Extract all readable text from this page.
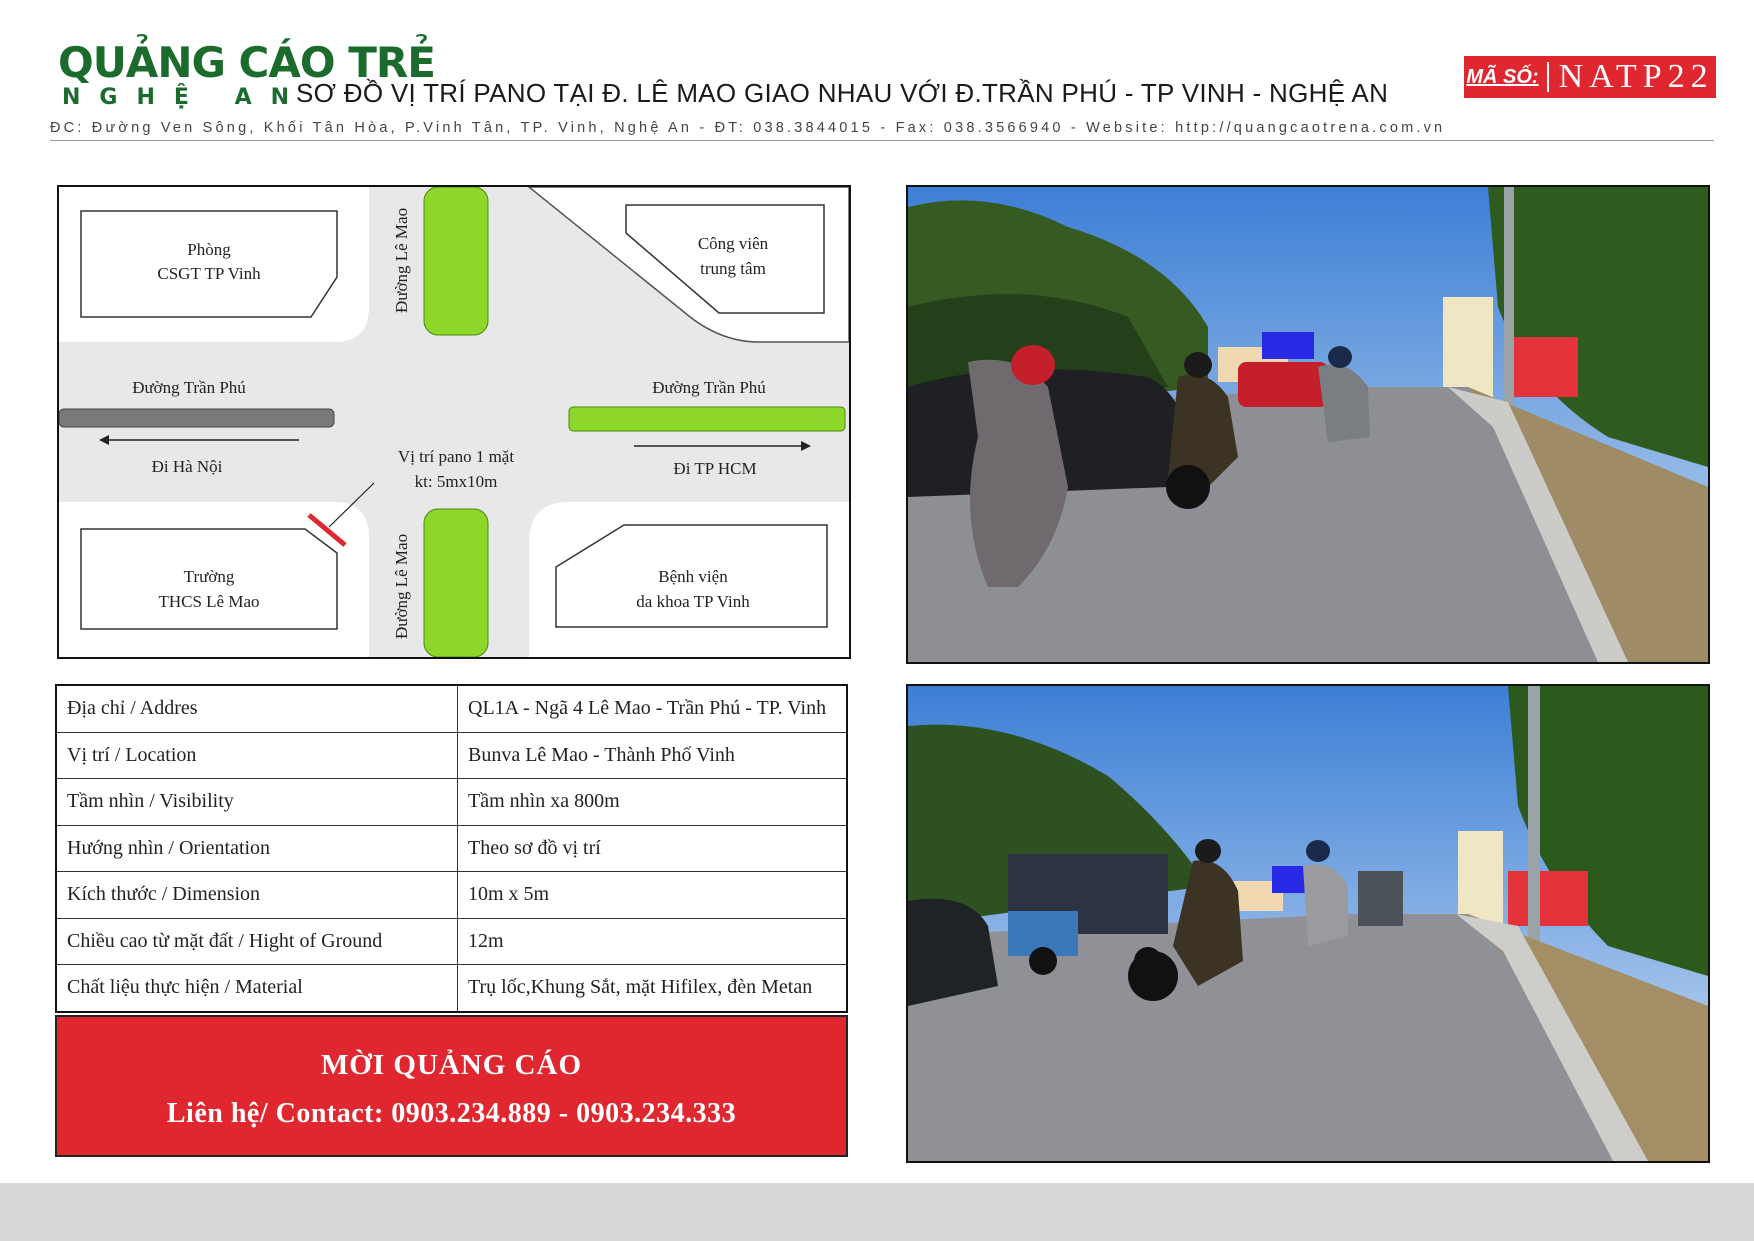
QUẢNG CÁO TRẺ
NGHỆ AN
SƠ ĐỒ VỊ TRÍ PANO TẠI Đ. LÊ MAO GIAO NHAU VỚI Đ.TRẦN PHÚ - TP VINH - NGHỆ AN
MÃ SỐ: NATP22
ĐC: Đường Ven Sông, Khối Tân Hòa, P.Vinh Tân, TP. Vinh, Nghệ An - ĐT: 038.3844015 - Fax: 038.3566940 - Website: http://quangcaotrena.com.vn
Phòng
CSGT TP Vinh
Công viên
trung tâm
Trường
THCS Lê Mao
Bệnh viện
da khoa TP Vinh
Đường Trần Phú	Đường Trần Phú
Đi Hà Nội	Đi TP HCM
Đường Lê Mao
Đường Lê Mao
Vị trí pano 1 mặt
kt: 5mx10m
Địa chỉ / Addres	QL1A - Ngã 4 Lê Mao - Trần Phú - TP. Vinh
Vị trí / Location	Bunva Lê Mao - Thành Phố Vinh
Tầm nhìn / Visibility	Tầm nhìn xa 800m
Hướng nhìn / Orientation	Theo sơ đồ vị trí
Kích thước / Dimension	10m x 5m
Chiều cao từ mặt đất / Hight of Ground	12m
Chất liệu thực hiện / Material	Trụ lốc,Khung Sắt, mặt Hifilex, đèn Metan
MỜI QUẢNG CÁO
Liên hệ/ Contact: 0903.234.889 - 0903.234.333
